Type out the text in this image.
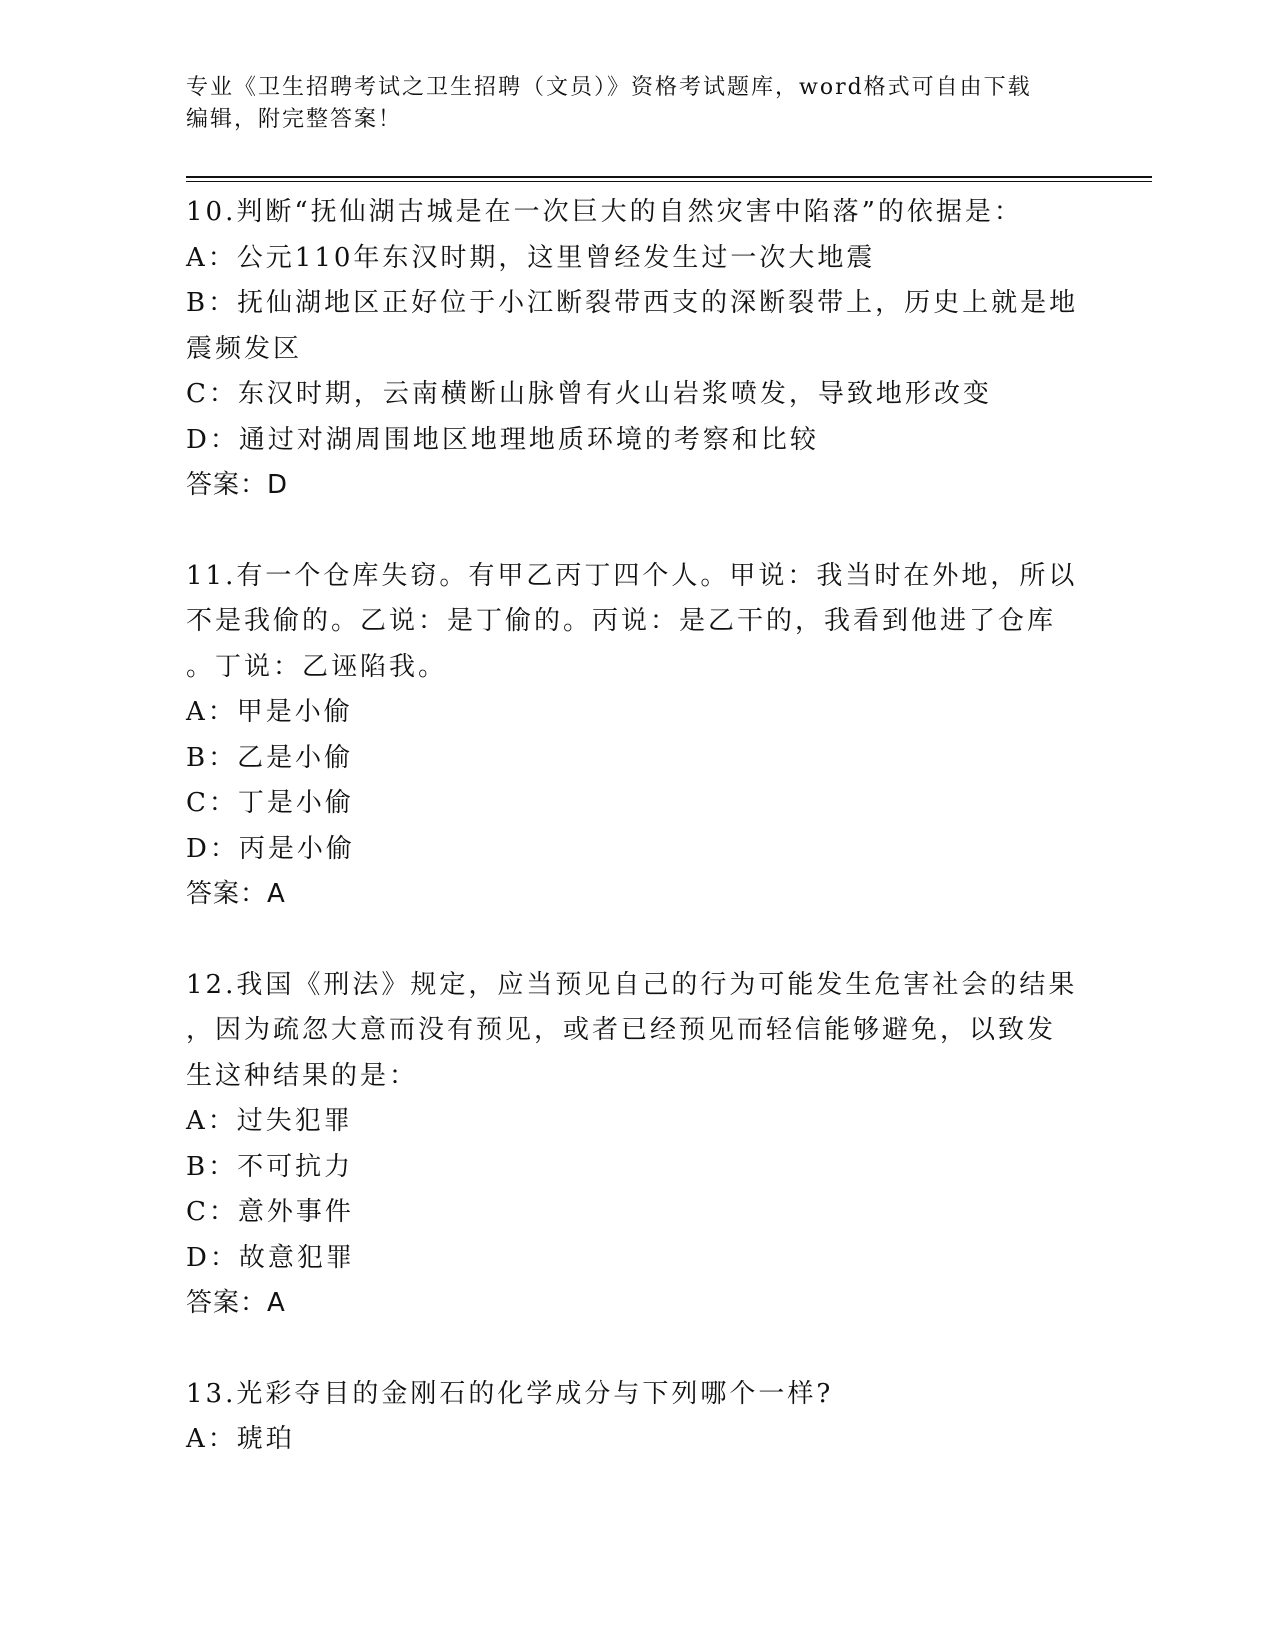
专业《卫生招聘考试之卫生招聘（文员）》资格考试题库，word格式可自由下载
编辑，附完整答案！

10.判断“抚仙湖古城是在一次巨大的自然灾害中陷落”的依据是：

A：公元110年东汉时期，这里曾经发生过一次大地震

B：抚仙湖地区正好位于小江断裂带西支的深断裂带上，历史上就是地

震频发区

C：东汉时期，云南横断山脉曾有火山岩浆喷发，导致地形改变

D：通过对湖周围地区地理地质环境的考察和比较

答案：D

11.有一个仓库失窃。有甲乙丙丁四个人。甲说：我当时在外地，所以

不是我偷的。乙说：是丁偷的。丙说：是乙干的，我看到他进了仓库

。丁说：乙诬陷我。

A：甲是小偷

B：乙是小偷

C：丁是小偷

D：丙是小偷

答案：A

12.我国《刑法》规定，应当预见自己的行为可能发生危害社会的结果

，因为疏忽大意而没有预见，或者已经预见而轻信能够避免，以致发

生这种结果的是：

A：过失犯罪

B：不可抗力

C：意外事件

D：故意犯罪

答案：A

13.光彩夺目的金刚石的化学成分与下列哪个一样?

A：琥珀
